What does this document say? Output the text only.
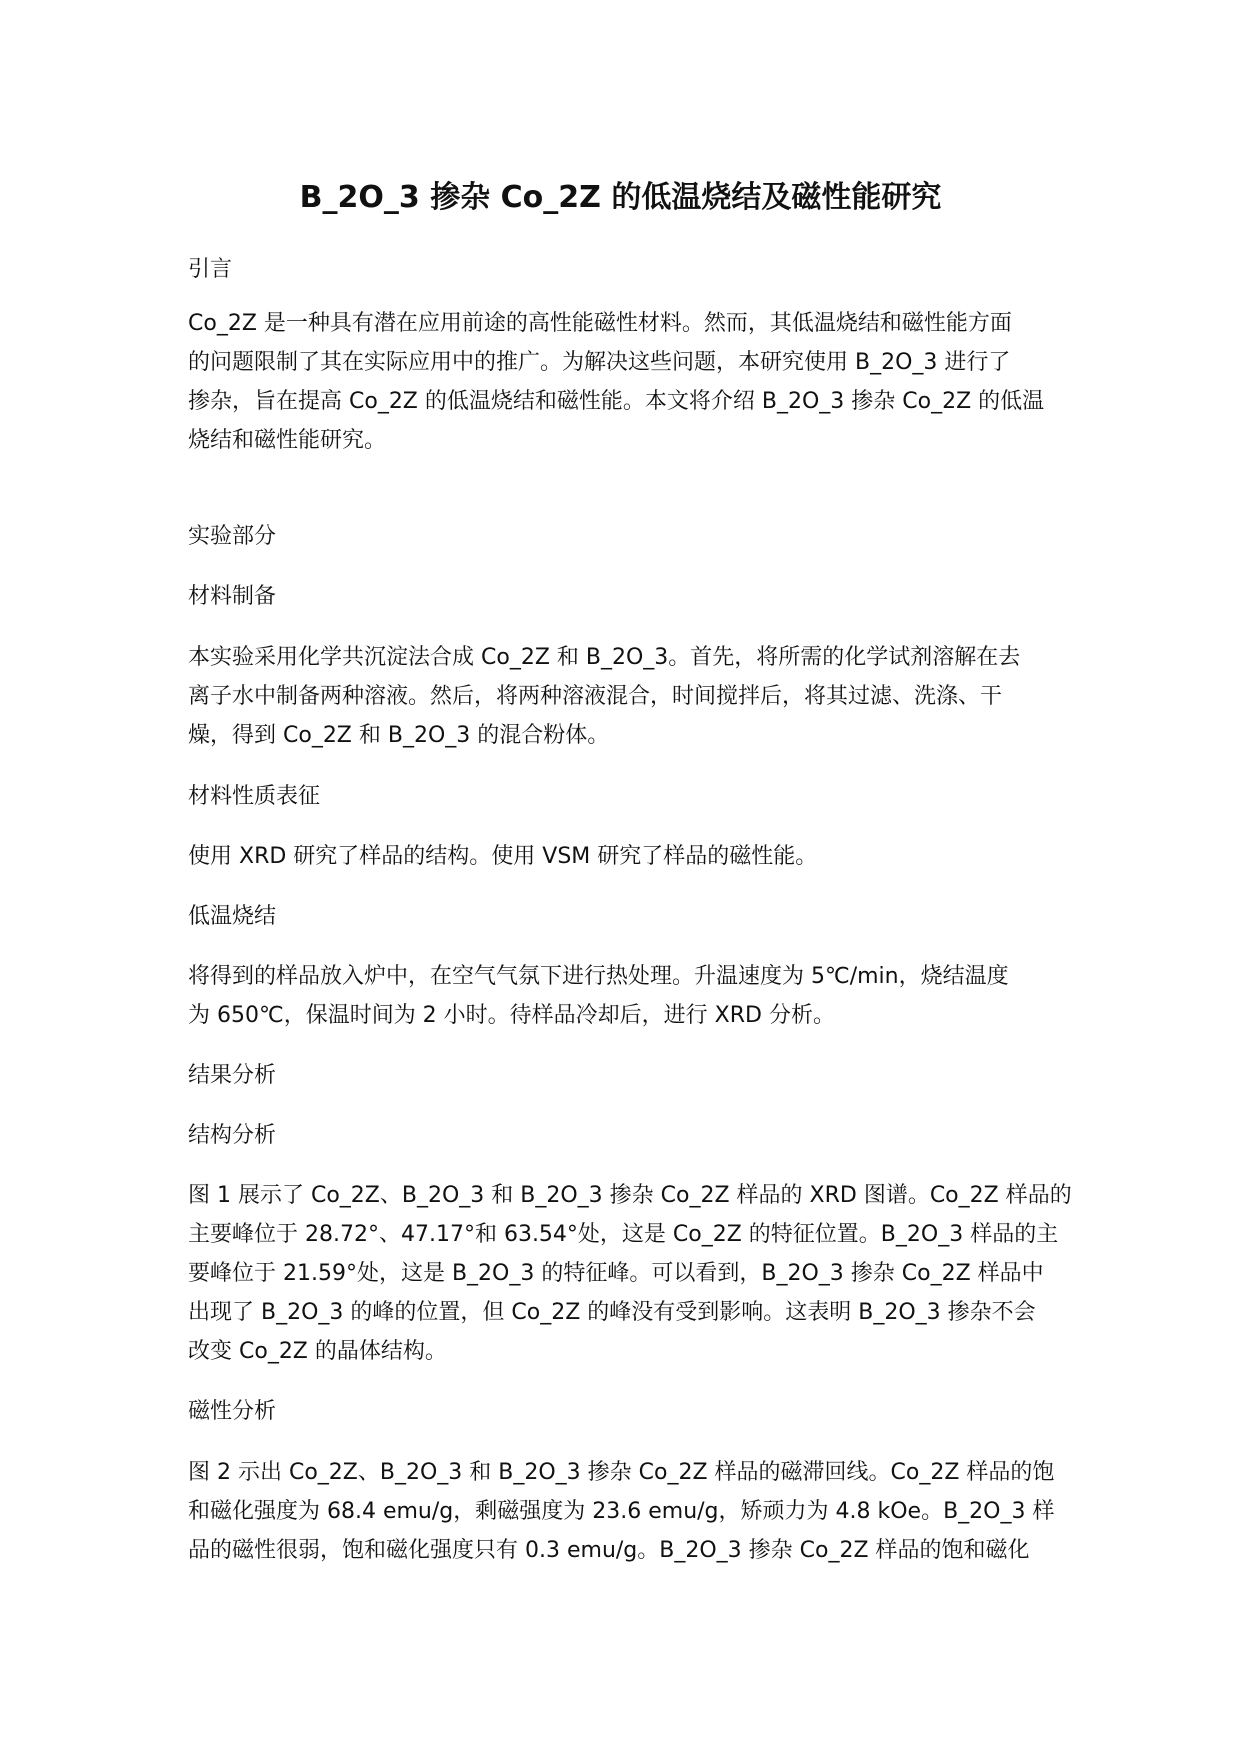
B_2O_3 掺杂 Co_2Z 的低温烧结及磁性能研究
引言
Co_2Z 是一种具有潜在应用前途的高性能磁性材料。然而，其低温烧结和磁性能方面
的问题限制了其在实际应用中的推广。为解决这些问题，本研究使用 B_2O_3 进行了
掺杂，旨在提高 Co_2Z 的低温烧结和磁性能。本文将介绍 B_2O_3 掺杂 Co_2Z 的低温
烧结和磁性能研究。
实验部分
材料制备
本实验采用化学共沉淀法合成 Co_2Z 和 B_2O_3。首先，将所需的化学试剂溶解在去
离子水中制备两种溶液。然后，将两种溶液混合，时间搅拌后，将其过滤、洗涤、干
燥，得到 Co_2Z 和 B_2O_3 的混合粉体。
材料性质表征
使用 XRD 研究了样品的结构。使用 VSM 研究了样品的磁性能。
低温烧结
将得到的样品放入炉中，在空气气氛下进行热处理。升温速度为 5℃/min，烧结温度
为 650℃，保温时间为 2 小时。待样品冷却后，进行 XRD 分析。
结果分析
结构分析
图 1 展示了 Co_2Z、B_2O_3 和 B_2O_3 掺杂 Co_2Z 样品的 XRD 图谱。Co_2Z 样品的
主要峰位于 28.72°、47.17°和 63.54°处，这是 Co_2Z 的特征位置。B_2O_3 样品的主
要峰位于 21.59°处，这是 B_2O_3 的特征峰。可以看到，B_2O_3 掺杂 Co_2Z 样品中
出现了 B_2O_3 的峰的位置，但 Co_2Z 的峰没有受到影响。这表明 B_2O_3 掺杂不会
改变 Co_2Z 的晶体结构。
磁性分析
图 2 示出 Co_2Z、B_2O_3 和 B_2O_3 掺杂 Co_2Z 样品的磁滞回线。Co_2Z 样品的饱
和磁化强度为 68.4 emu/g，剩磁强度为 23.6 emu/g，矫顽力为 4.8 kOe。B_2O_3 样
品的磁性很弱，饱和磁化强度只有 0.3 emu/g。B_2O_3 掺杂 Co_2Z 样品的饱和磁化
